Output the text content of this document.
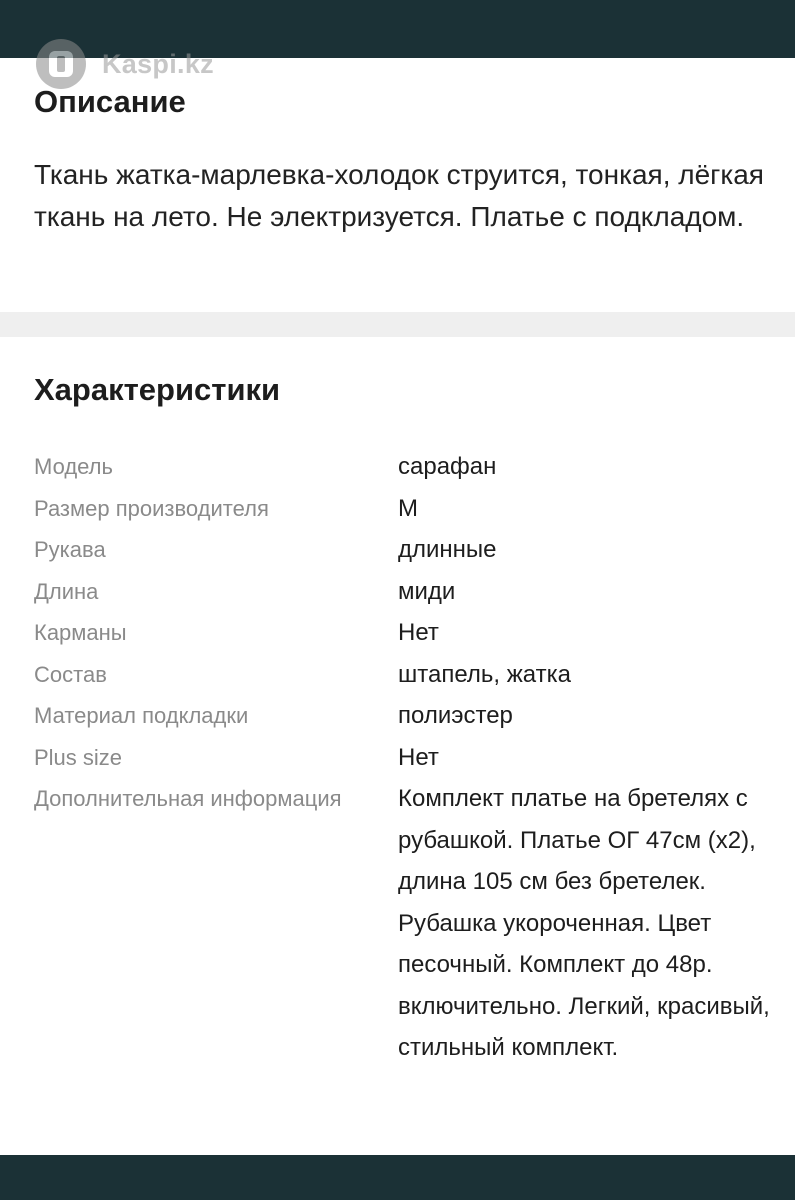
Kaspi.kz
Описание

Ткань жатка-марлевка-холодок струится, тонкая, лёгкая ткань на лето. Не электризуется. Платье с подкладом.

Характеристики
Модель	сарафан
Размер производителя	M
Рукава	длинные
Длина	миди
Карманы	Нет
Состав	штапель, жатка
Материал подкладки	полиэстер
Plus size	Нет
Дополнительная информация	Комплект платье на бретелях с рубашкой. Платье ОГ 47см (х2), длина 105 см без бретелек. Рубашка укороченная. Цвет песочный. Комплект до 48р. включительно. Легкий, красивый, стильный комплект.
